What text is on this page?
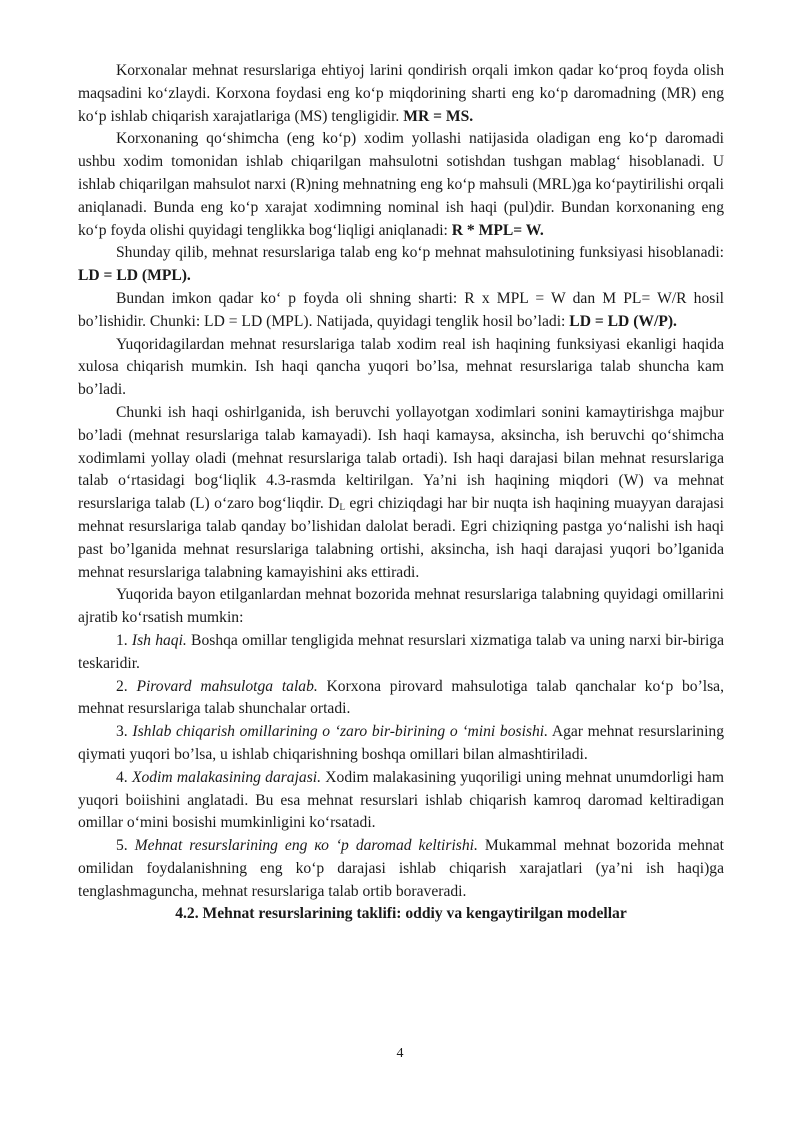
Korxonalar mehnat resurslariga ehtiyoj larini qondirish orqali imkon qadar ko‘proq foyda olish maqsadini ko‘zlaydi. Korxona foydasi eng ko‘p miqdorining sharti eng ko‘p daromadning (MR) eng ko‘p ishlab chiqarish xarajatlariga (MS) tengligidir. MR = MS.

Korxonaning qo‘shimcha (eng ko‘p) xodim yollashi natijasida oladigan eng ko‘p daromadi ushbu xodim tomonidan ishlab chiqarilgan mahsulotni sotishdan tushgan mablag‘ hisoblanadi. U ishlab chiqarilgan mahsulot narxi (R)ning mehnatning eng ko‘p mahsuli (MRL)ga ko‘paytirilishi orqali aniqlanadi. Bunda eng ko‘p xarajat xodimning nominal ish haqi (pul)dir. Bundan korxonaning eng ko‘p foyda olishi quyidagi tenglikka bog‘liqligi aniqlanadi: R * MPL= W.

Shunday qilib, mehnat resurslariga talab eng ko‘p mehnat mahsulotining funksiyasi hisoblanadi: LD = LD (MPL).

Bundan imkon qadar ko‘ p foyda oli shning sharti: R x MPL = W dan M PL= W/R hosil bo’lishidir. Chunki: LD = LD (MPL). Natijada, quyidagi tenglik hosil bo’ladi: LD = LD (W/P).

Yuqoridagilardan mehnat resurslariga talab xodim real ish haqining funksiyasi ekanligi haqida xulosa chiqarish mumkin. Ish haqi qancha yuqori bo’lsa, mehnat resurslariga talab shuncha kam bo’ladi.

Chunki ish haqi oshirlganida, ish beruvchi yollayotgan xodimlari sonini kamaytirishga majbur bo’ladi (mehnat resurslariga talab kamayadi). Ish haqi kamaysa, aksincha, ish beruvchi qo‘shimcha xodimlami yollay oladi (mehnat resurslariga talab ortadi). Ish haqi darajasi bilan mehnat resurslariga talab o‘rtasidagi bog‘liqlik 4.3-rasmda keltirilgan. Ya’ni ish haqining miqdori (W) va mehnat resurslariga talab (L) o‘zaro bog‘liqdir. $D_L$ egri chiziqdagi har bir nuqta ish haqining muayyan darajasi mehnat resurslariga talab qanday bo’lishidan dalolat beradi. Egri chiziqning pastga yo‘nalishi ish haqi past bo’lganida mehnat resurslariga talabning ortishi, aksincha, ish haqi darajasi yuqori bo’lganida mehnat resurslariga talabning kamayishini aks ettiradi.

Yuqorida bayon etilganlardan mehnat bozorida mehnat resurslariga talabning quyidagi omillarini ajratib ko‘rsatish mumkin:

1. Ish haqi. Boshqa omillar tengligida mehnat resurslari xizmatiga talab va uning narxi bir-biriga teskaridir.

2. Pirovard mahsulotga talab. Korxona pirovard mahsulotiga talab qanchalar ko‘p bo’lsa, mehnat resurslariga talab shunchalar ortadi.

3. Ishlab chiqarish omillarining o ‘zaro bir-birining o ‘mini bosishi. Agar mehnat resurslarining qiymati yuqori bo’lsa, u ishlab chiqarishning boshqa omillari bilan almashtiriladi.

4. Xodim malakasining darajasi. Xodim malakasining yuqoriligi uning mehnat unumdorligi ham yuqori boiishini anglatadi. Bu esa mehnat resurslari ishlab chiqarish kamroq daromad keltiradigan omillar o‘mini bosishi mumkinligini ko‘rsatadi.

5. Mehnat resurslarining eng ко ‘p daromad keltirishi. Mukammal mehnat bozorida mehnat omilidan foydalanishning eng ko‘p darajasi ishlab chiqarish xarajatlari (ya’ni ish haqi)ga tenglashmaguncha, mehnat resurslariga talab ortib boraveradi.

4.2. Mehnat resurslarining taklifi: oddiy va kengaytirilgan modellar

4
